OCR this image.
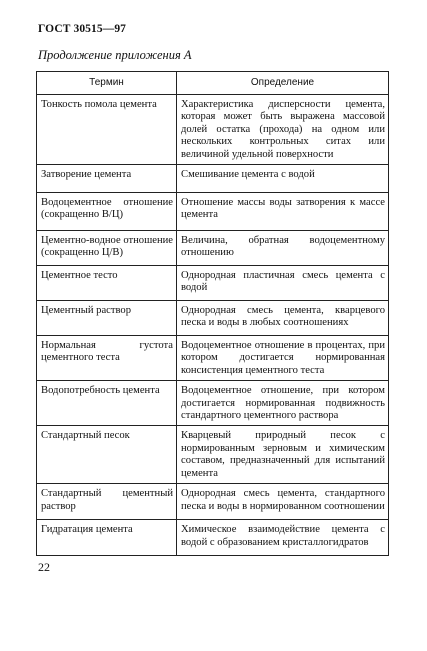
ГОСТ 30515—97
Продолжение приложения А
Термин	Определение
Тонкость помола цемента	Характеристика дисперсности цемента, которая может быть выражена массовой долей остатка (прохода) на одном или нескольких контрольных ситах или величиной удельной поверхности
Затворение цемента	Смешивание цемента с водой
Водоцементное отношение (сокращенно В/Ц)	Отношение массы воды затворения к массе цемента
Цементно-водное отношение (сокращенно Ц/В)	Величина, обратная водоцементному отношению
Цементное тесто	Однородная пластичная смесь цемента с водой
Цементный раствор	Однородная смесь цемента, кварцевого песка и воды в любых соотношениях
Нормальная густота цементного теста	Водоцементное отношение в процентах, при котором достигается нормированная консистенция цементного теста
Водопотребность цемента	Водоцементное отношение, при котором достигается нормированная подвижность стандартного цементного раствора
Стандартный песок	Кварцевый природный песок с нормированным зерновым и химическим составом, предназначенный для испытаний цемента
Стандартный цементный раствор	Однородная смесь цемента, стандартного песка и воды в нормированном соотношении
Гидратация цемента	Химическое взаимодействие цемента с водой с образованием кристаллогидратов
22
